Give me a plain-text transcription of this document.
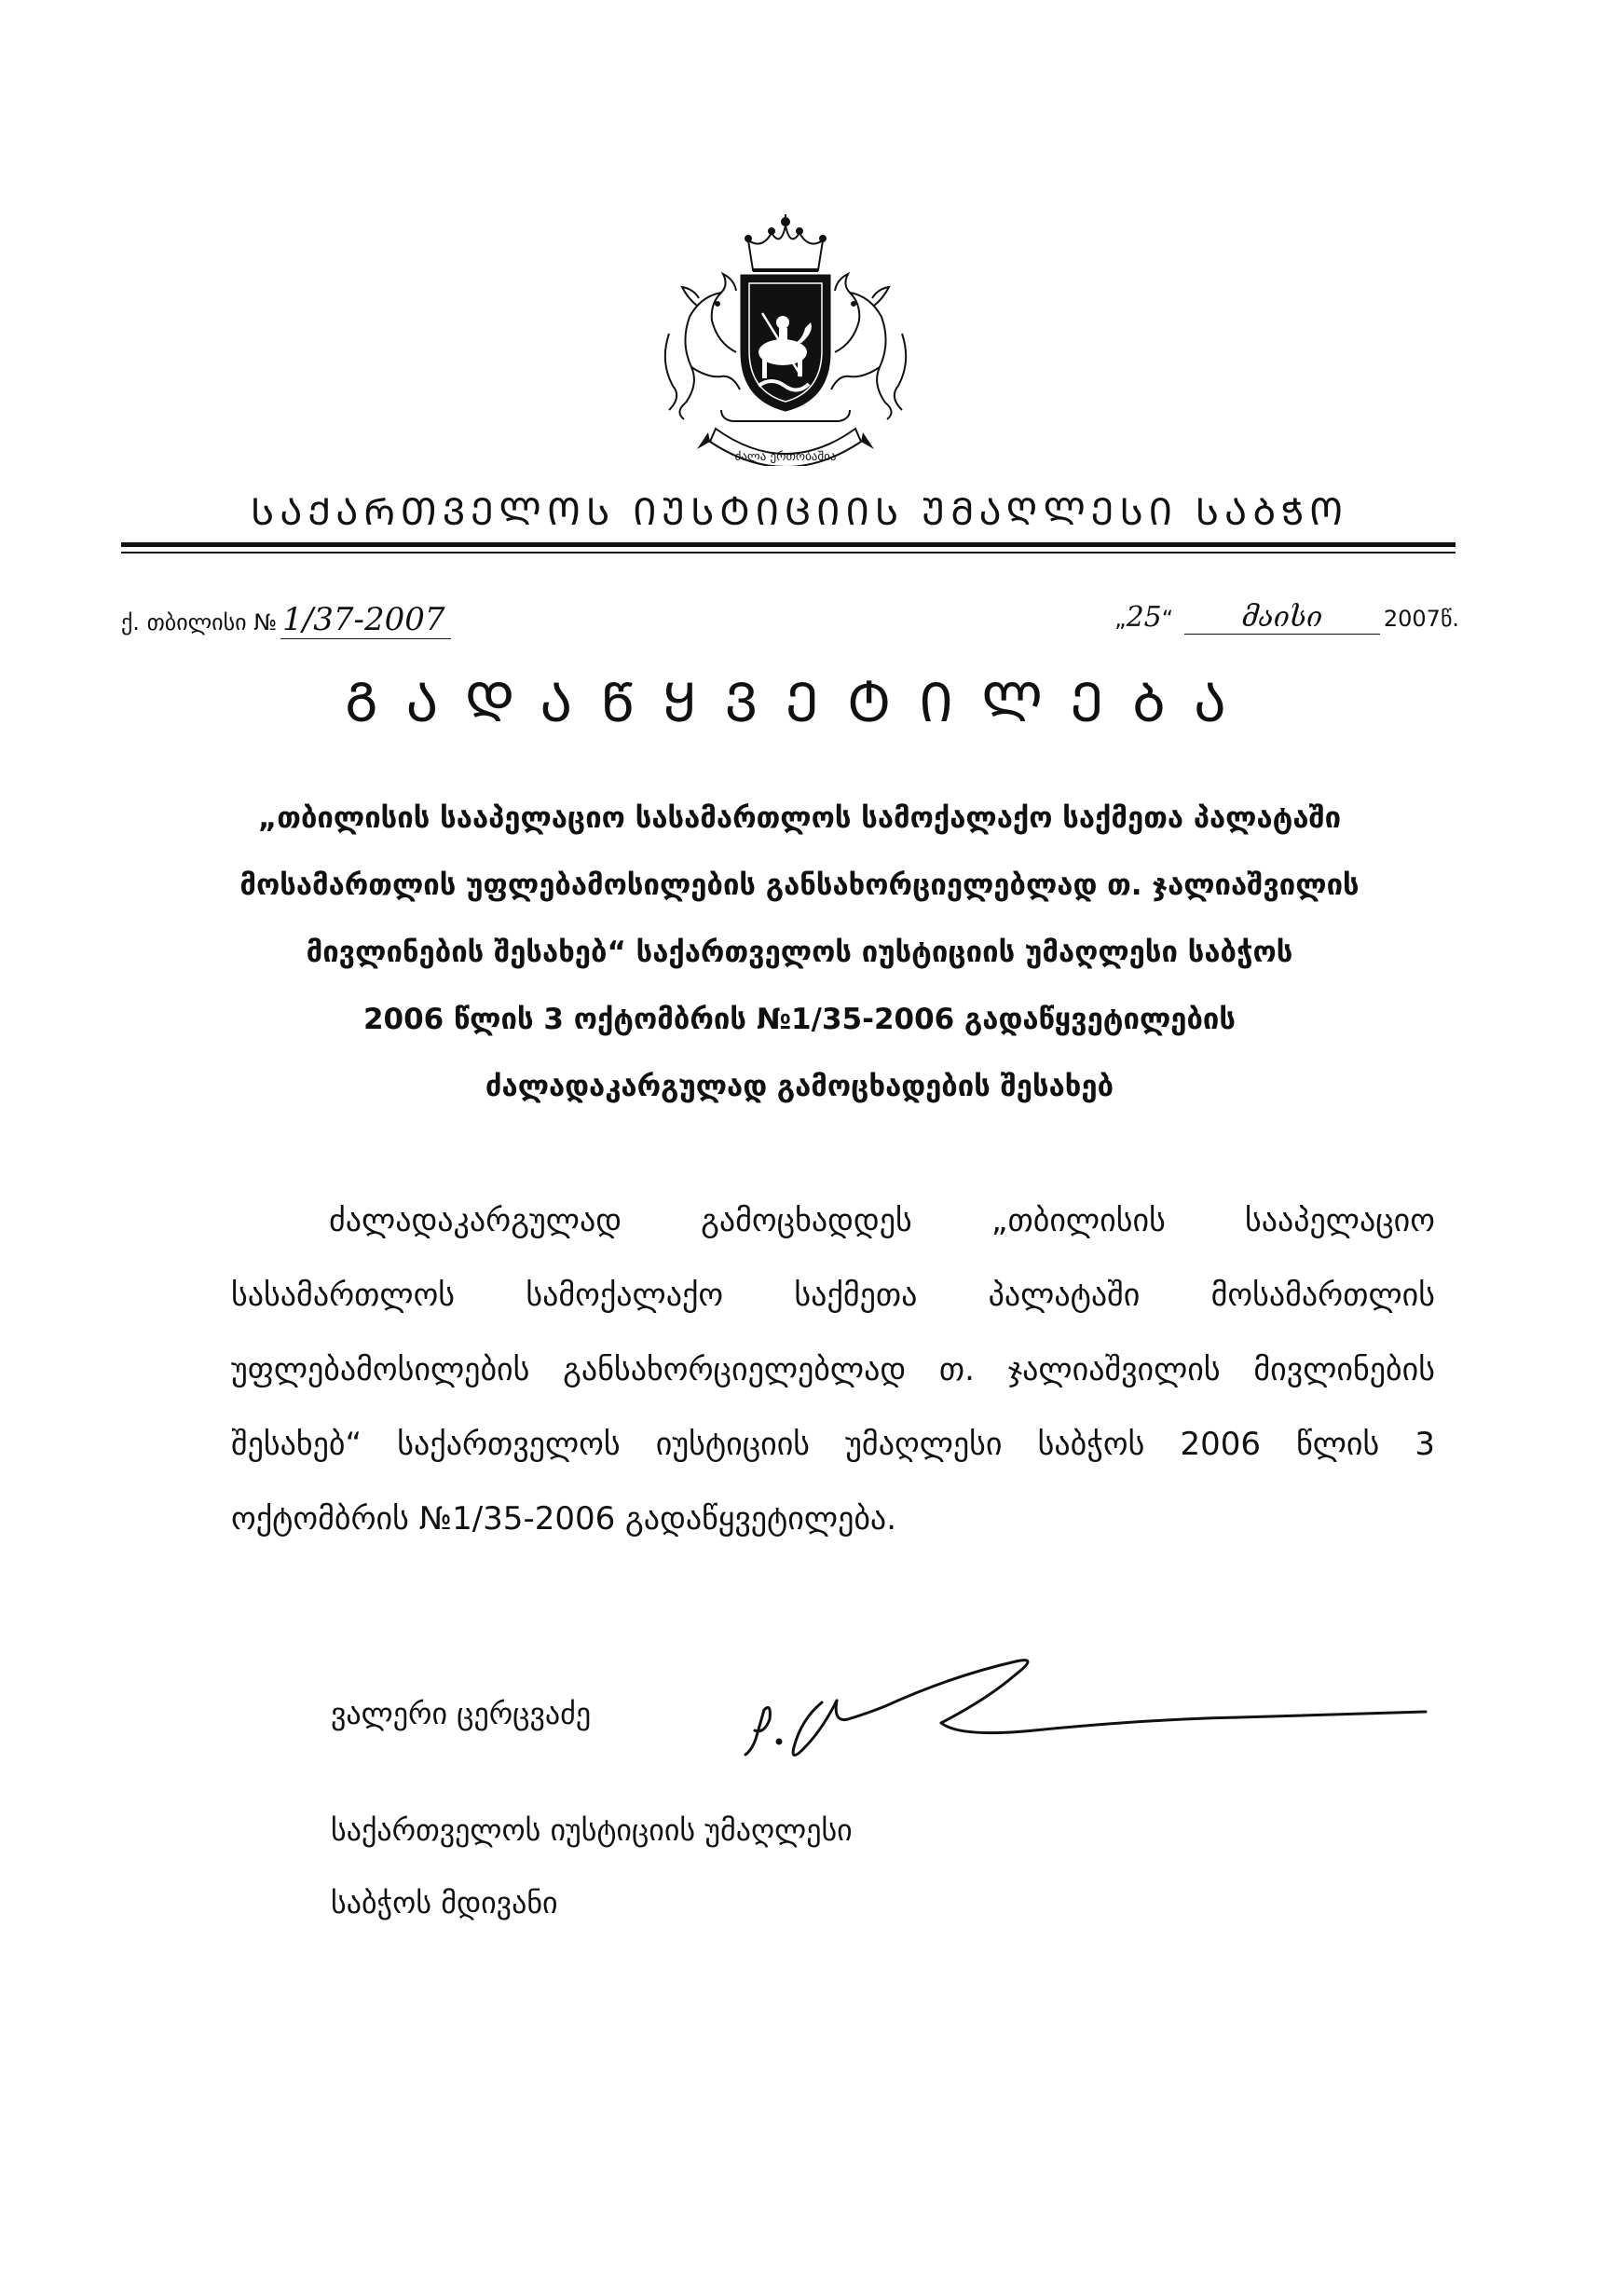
ძალა ერთობაშია
ᲡᲐᲥᲐᲠᲗᲕᲔᲚᲝᲡ ᲘᲣᲡᲢᲘᲪᲘᲘᲡ ᲣᲛᲐᲦᲚᲔᲡᲘ ᲡᲐᲑᲭᲝ
ქ. თბილისი № 1/37-2007	„25“ მაისი	2007წ.
ᲒᲐᲓᲐᲬᲧᲕᲔᲢᲘᲚᲔᲑᲐ
„თბილისის სააპელაციო სასამართლოს სამოქალაქო საქმეთა პალატაში
მოსამართლის უფლებამოსილების განსახორციელებლად თ. ჯალიაშვილის
მივლინების შესახებ“ საქართველოს იუსტიციის უმაღლესი საბჭოს
2006 წლის 3 ოქტომბრის №1/35-2006 გადაწყვეტილების
ძალადაკარგულად გამოცხადების შესახებ
ძალადაკარგულად გამოცხადდეს „თბილისის სააპელაციო
სასამართლოს სამოქალაქო საქმეთა პალატაში მოსამართლის
უფლებამოსილების განსახორციელებლად თ. ჯალიაშვილის მივლინების
შესახებ“ საქართველოს იუსტიციის უმაღლესი საბჭოს 2006 წლის 3
ოქტომბრის №1/35-2006 გადაწყვეტილება.
ვალერი ცერცვაძე
საქართველოს იუსტიციის უმაღლესი
საბჭოს მდივანი
